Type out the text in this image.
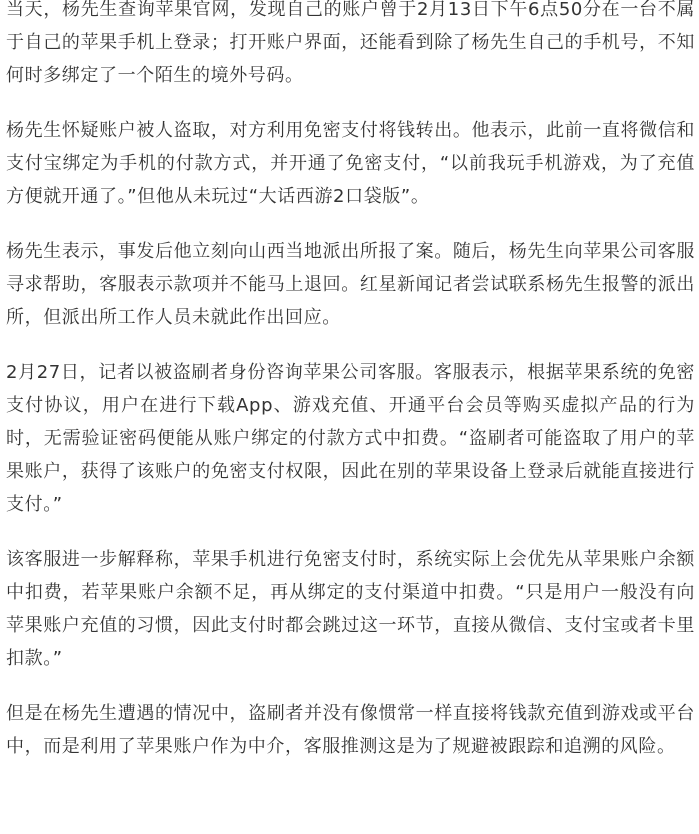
当天，杨先生查询苹果官网，发现自己的账户曾于2月13日下午6点50分在一台不属于自己的苹果手机上登录；打开账户界面，还能看到除了杨先生自己的手机号，不知何时多绑定了一个陌生的境外号码。

杨先生怀疑账户被人盗取，对方利用免密支付将钱转出。他表示，此前一直将微信和支付宝绑定为手机的付款方式，并开通了免密支付，“以前我玩手机游戏，为了充值方便就开通了。”但他从未玩过“大话西游2口袋版”。

杨先生表示，事发后他立刻向山西当地派出所报了案。随后，杨先生向苹果公司客服寻求帮助，客服表示款项并不能马上退回。红星新闻记者尝试联系杨先生报警的派出所，但派出所工作人员未就此作出回应。

2月27日，记者以被盗刷者身份咨询苹果公司客服。客服表示，根据苹果系统的免密支付协议，用户在进行下载App、游戏充值、开通平台会员等购买虚拟产品的行为时，无需验证密码便能从账户绑定的付款方式中扣费。“盗刷者可能盗取了用户的苹果账户，获得了该账户的免密支付权限，因此在别的苹果设备上登录后就能直接进行支付。”

该客服进一步解释称，苹果手机进行免密支付时，系统实际上会优先从苹果账户余额中扣费，若苹果账户余额不足，再从绑定的支付渠道中扣费。“只是用户一般没有向苹果账户充值的习惯，因此支付时都会跳过这一环节，直接从微信、支付宝或者卡里扣款。”

但是在杨先生遭遇的情况中，盗刷者并没有像惯常一样直接将钱款充值到游戏或平台中，而是利用了苹果账户作为中介，客服推测这是为了规避被跟踪和追溯的风险。
